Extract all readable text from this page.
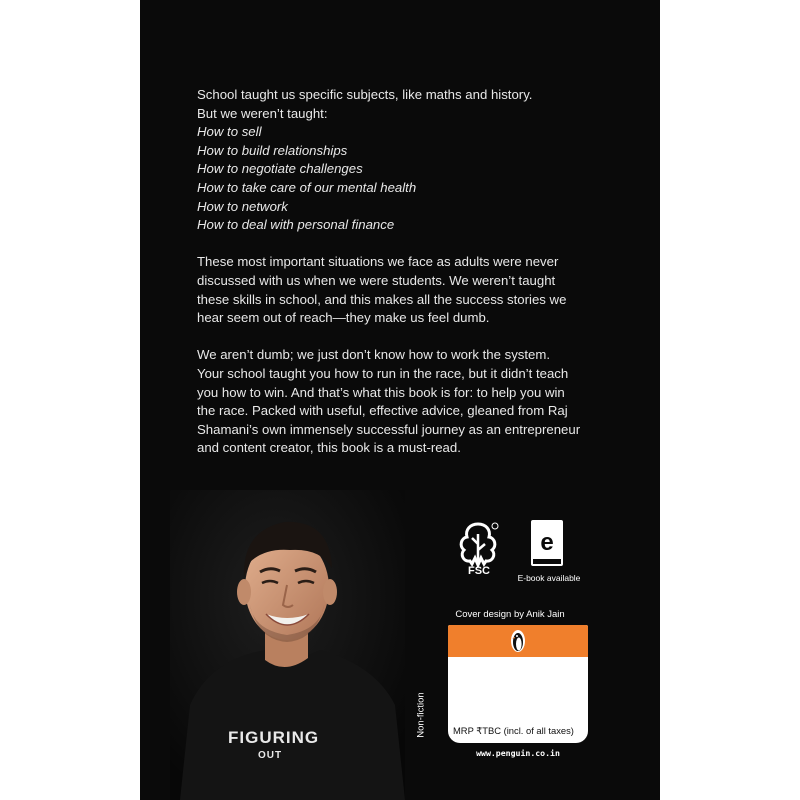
School taught us specific subjects, like maths and history.
But we weren’t taught:
How to sell
How to build relationships
How to negotiate challenges
How to take care of our mental health
How to network
How to deal with personal finance

These most important situations we face as adults were never
discussed with us when we were students. We weren’t taught
these skills in school, and this makes all the success stories we
hear seem out of reach—they make us feel dumb.

We aren’t dumb; we just don’t know how to work the system.
Your school taught you how to run in the race, but it didn’t teach
you how to win. And that’s what this book is for: to help you win
the race. Packed with useful, effective advice, gleaned from Raj
Shamani’s own immensely successful journey as an entrepreneur
and content creator, this book is a must-read.

FIGURING
OUT
FSC
e
E-book available
Cover design by Anik Jain
Non-fiction	MRP ₹TBC (incl. of all taxes)
www.penguin.co.in
